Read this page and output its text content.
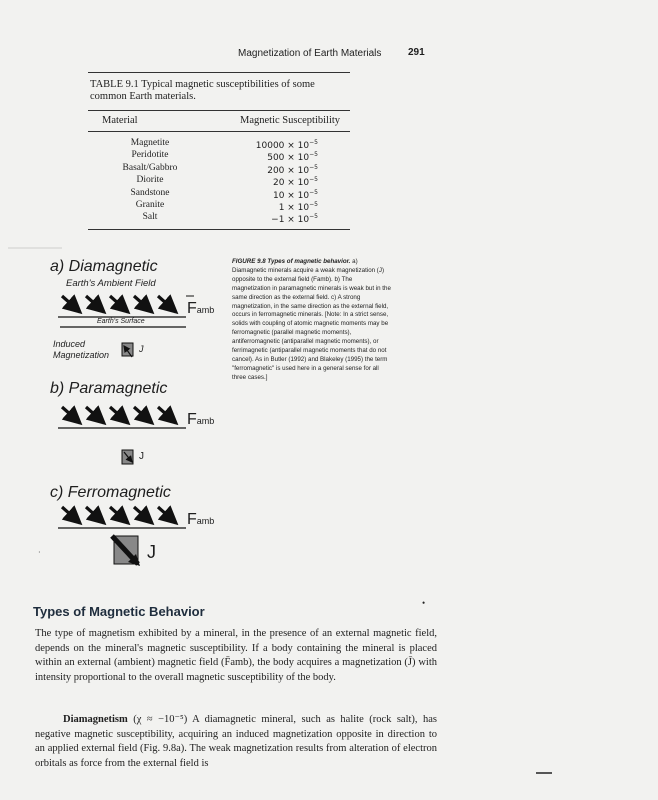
Magnetization of Earth Materials	291
TABLE 9.1 Typical magnetic susceptibilities of some common Earth materials.
Material	Magnetic Susceptibility
Magnetite	$10000 \times 10^{-5}$
Peridotite	$500 \times 10^{-5}$
Basalt/Gabbro	$200 \times 10^{-5}$
Diorite	$20 \times 10^{-5}$
Sandstone	$10 \times 10^{-5}$
Granite	$1 \times 10^{-5}$
Salt	$-1 \times 10^{-5}$
·
•
a) Diamagnetic
Earth's Ambient Field
Famb
Earth's Surface
Induced Magnetization
J
b) Paramagnetic
Famb
J
c) Ferromagnetic
Famb
J
FIGURE 9.8 Types of magnetic behavior. a) Diamagnetic minerals acquire a weak magnetization (J) opposite to the external field (Famb). b) The magnetization in paramagnetic minerals is weak but in the same direction as the external field. c) A strong magnetization, in the same direction as the external field, occurs in ferromagnetic minerals. [Note: In a strict sense, solids with coupling of atomic magnetic moments may be ferromagnetic (parallel magnetic moments), antiferromagnetic (antiparallel magnetic moments), or ferrimagnetic (antiparallel magnetic moments that do not cancel). As in Butler (1992) and Blakeley (1995) the term "ferromagnetic" is used here in a general sense for all three cases.]
Types of Magnetic Behavior
The type of magnetism exhibited by a mineral, in the presence of an external magnetic field, depends on the mineral's magnetic susceptibility. If a body containing the mineral is placed within an external (ambient) magnetic field (F̄amb), the body acquires a magnetization (J̄) with intensity proportional to the overall magnetic susceptibility of the body.
Diamagnetism (χ ≈ −10⁻⁵) A diamagnetic mineral, such as halite (rock salt), has negative magnetic susceptibility, acquiring an induced magnetization opposite in direction to an applied external field (Fig. 9.8a). The weak magnetization results from alteration of electron orbitals as force from the external field is
